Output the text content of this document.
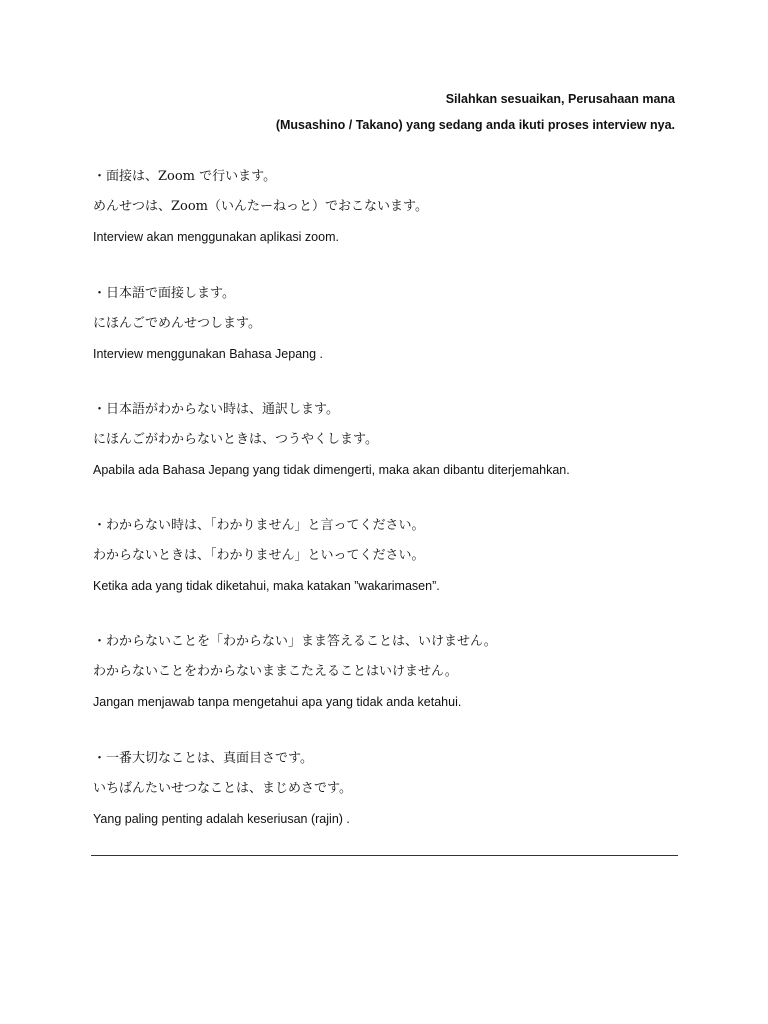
Silahkan sesuaikan, Perusahaan mana
(Musashino / Takano) yang sedang anda ikuti proses interview nya.
・面接は、Zoom で行います。
めんせつは、Zoom（いんたーねっと）でおこないます。
Interview akan menggunakan aplikasi zoom.
・日本語で面接します。
にほんごでめんせつします。
Interview menggunakan Bahasa Jepang .
・日本語がわからない時は、通訳します。
にほんごがわからないときは、つうやくします。
Apabila ada Bahasa Jepang yang tidak dimengerti, maka akan dibantu diterjemahkan.
・わからない時は、「わかりません」と言ってください。
わからないときは、「わかりません」といってください。
Ketika ada yang tidak diketahui, maka katakan ”wakarimasen”.
・わからないことを「わからない」まま答えることは、いけません。
わからないことをわからないままこたえることはいけません。
Jangan menjawab tanpa mengetahui apa yang tidak anda ketahui.
・一番大切なことは、真面目さです。
いちばんたいせつなことは、まじめさです。
Yang paling penting adalah keseriusan (rajin) .
